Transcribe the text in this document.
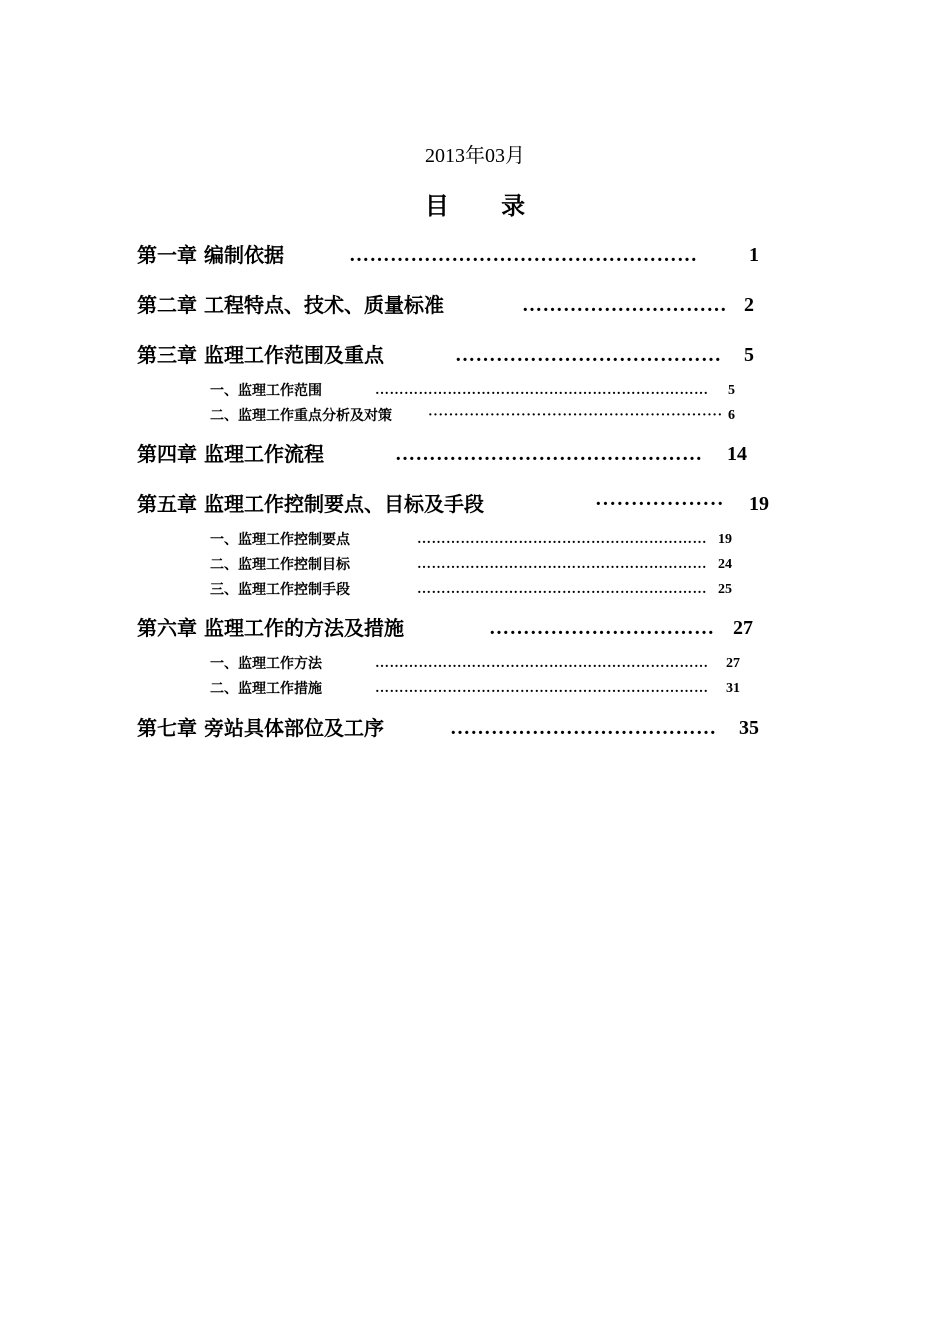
2013年03月
目 录
第一章 编制依据	……………………………………………	1
第二章 工程特点、技术、质量标准	………………………… 2
第三章 监理工作范围及重点	………………………………… 5
一、监理工作范围	…………………………………………………………… 5
二、监理工作重点分析及对策	························································· 6
第四章 监理工作流程	……………………………………… 14
第五章 监理工作控制要点、目标及手段	·················· 19
一、监理工作控制要点	…………………………………………………… 19
二、监理工作控制目标	…………………………………………………… 24
三、监理工作控制手段	…………………………………………………… 25
第六章 监理工作的方法及措施	…………………………… 27
一、监理工作方法	…………………………………………………………… 27
二、监理工作措施	…………………………………………………………… 31
第七章 旁站具体部位及工序	………………………………… 35
